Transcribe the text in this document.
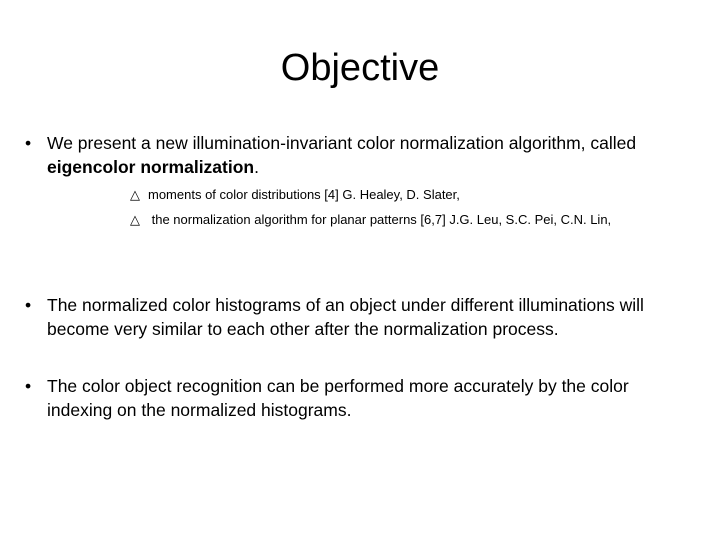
Objective
• We present a new illumination-invariant color normalization algorithm, called eigencolor normalization.
△ moments of color distributions [4] G. Healey, D. Slater,
△ the normalization algorithm for planar patterns [6,7] J.G. Leu, S.C. Pei, C.N. Lin,
• The normalized color histograms of an object under different illuminations will become very similar to each other after the normalization process.
• The color object recognition can be performed more accurately by the color indexing on the normalized histograms.
